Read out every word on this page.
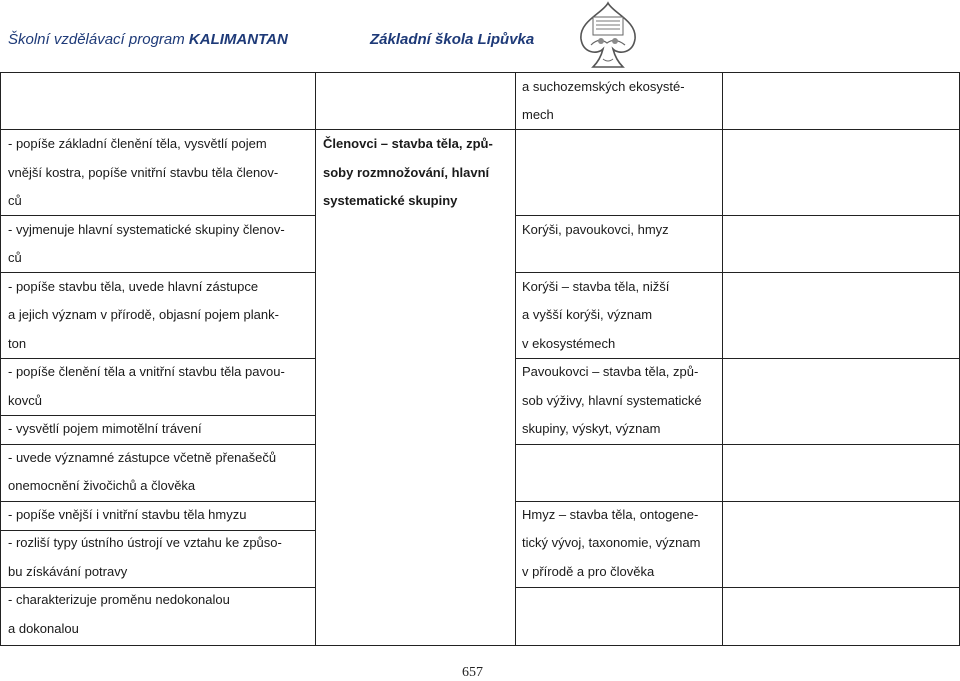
Školní vzdělávací program KALIMANTAN	Základní škola Lipůvka
- popíše základní členění těla, vysvětlí pojem
vnější kostra, popíše vnitřní stavbu těla členov-
ců
- vyjmenuje hlavní systematické skupiny členov-
ců
- popíše stavbu těla, uvede hlavní zástupce
a jejich význam v přírodě, objasní pojem plank-
ton
- popíše členění těla a vnitřní stavbu těla pavou-
kovců
- vysvětlí pojem mimotělní trávení
- uvede významné zástupce včetně přenašečů
onemocnění živočichů a člověka
- popíše vnější i vnitřní stavbu těla hmyzu
- rozliší typy ústního ústrojí ve vztahu ke způso-
bu získávání potravy
- charakterizuje proměnu nedokonalou
a dokonalou
Členovci – stavba těla, způ-
soby rozmnožování, hlavní
systematické skupiny
a suchozemských ekosysté-
mech
Korýši, pavoukovci, hmyz
Korýši – stavba těla, nižší
a vyšší korýši, význam
v ekosystémech
Pavoukovci – stavba těla, způ-
sob výživy, hlavní systematické
skupiny, výskyt, význam
Hmyz – stavba těla, ontogene-
tický vývoj, taxonomie, význam
v přírodě a pro člověka
657
